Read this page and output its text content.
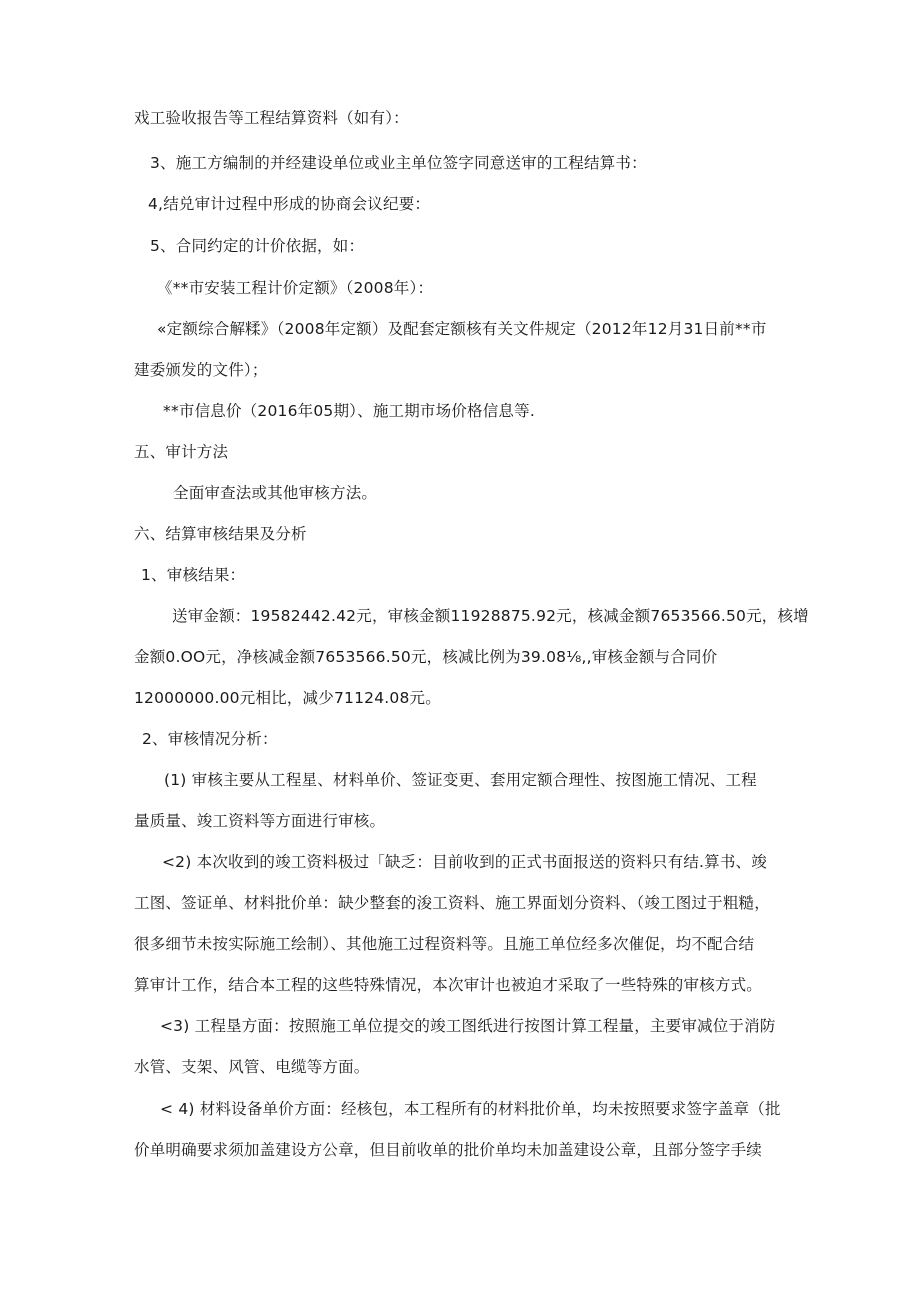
戏工验收报告等工程结算资料（如有）：
3、施工方编制的并经建设单位或业主单位签字同意送审的工程结算书：
4,结兑审计过程中形成的协商会议纪要：
5、合同约定的计价依据，如：
《**市安装工程计价定额》（2008年）：
«定额综合解糅》（2008年定额）及配套定额核有关文件规定（2012年12月31日前**市
建委颁发的文件）；
**市信息价（2016年05期）、施工期市场价格信息等.
五、审计方法
全面审查法或其他审核方法。
六、结算审核结果及分析
1、审核结果：
送审金额：19582442.42元，审核金额11928875.92元，核减金额7653566.50元，核增
金额0.OO元，净核减金额7653566.50元，核减比例为39.08⅛,,审核金额与合同价
12000000.00元相比，减少71124.08元。
2、审核情况分析：
(1) 审核主要从工程星、材料单价、签证变更、套用定额合理性、按图施工情况、工程
量质量、竣工资料等方面进行审核。
<2) 本次收到的竣工资料极过「缺乏：目前收到的正式书面报送的资料只有结.算书、竣
工图、签证单、材料批价单：缺少整套的浚工资料、施工界面划分资料、（竣工图过于粗糙，
很多细节未按实际施工绘制）、其他施工过程资料等。且施工单位经多次催促，均不配合结
算审计工作，结合本工程的这些特殊情况，本次审计也被迫才采取了一些特殊的审核方式。
<3) 工程垦方面：按照施工单位提交的竣工图纸进行按图计算工程量，主要审减位于消防
水管、支架、风管、电缆等方面。
< 4) 材料设备单价方面：经核包，本工程所有的材料批价单，均未按照要求签字盖章（批
价单明确要求须加盖建设方公章，但目前收单的批价单均未加盖建设公章，且部分签字手续
